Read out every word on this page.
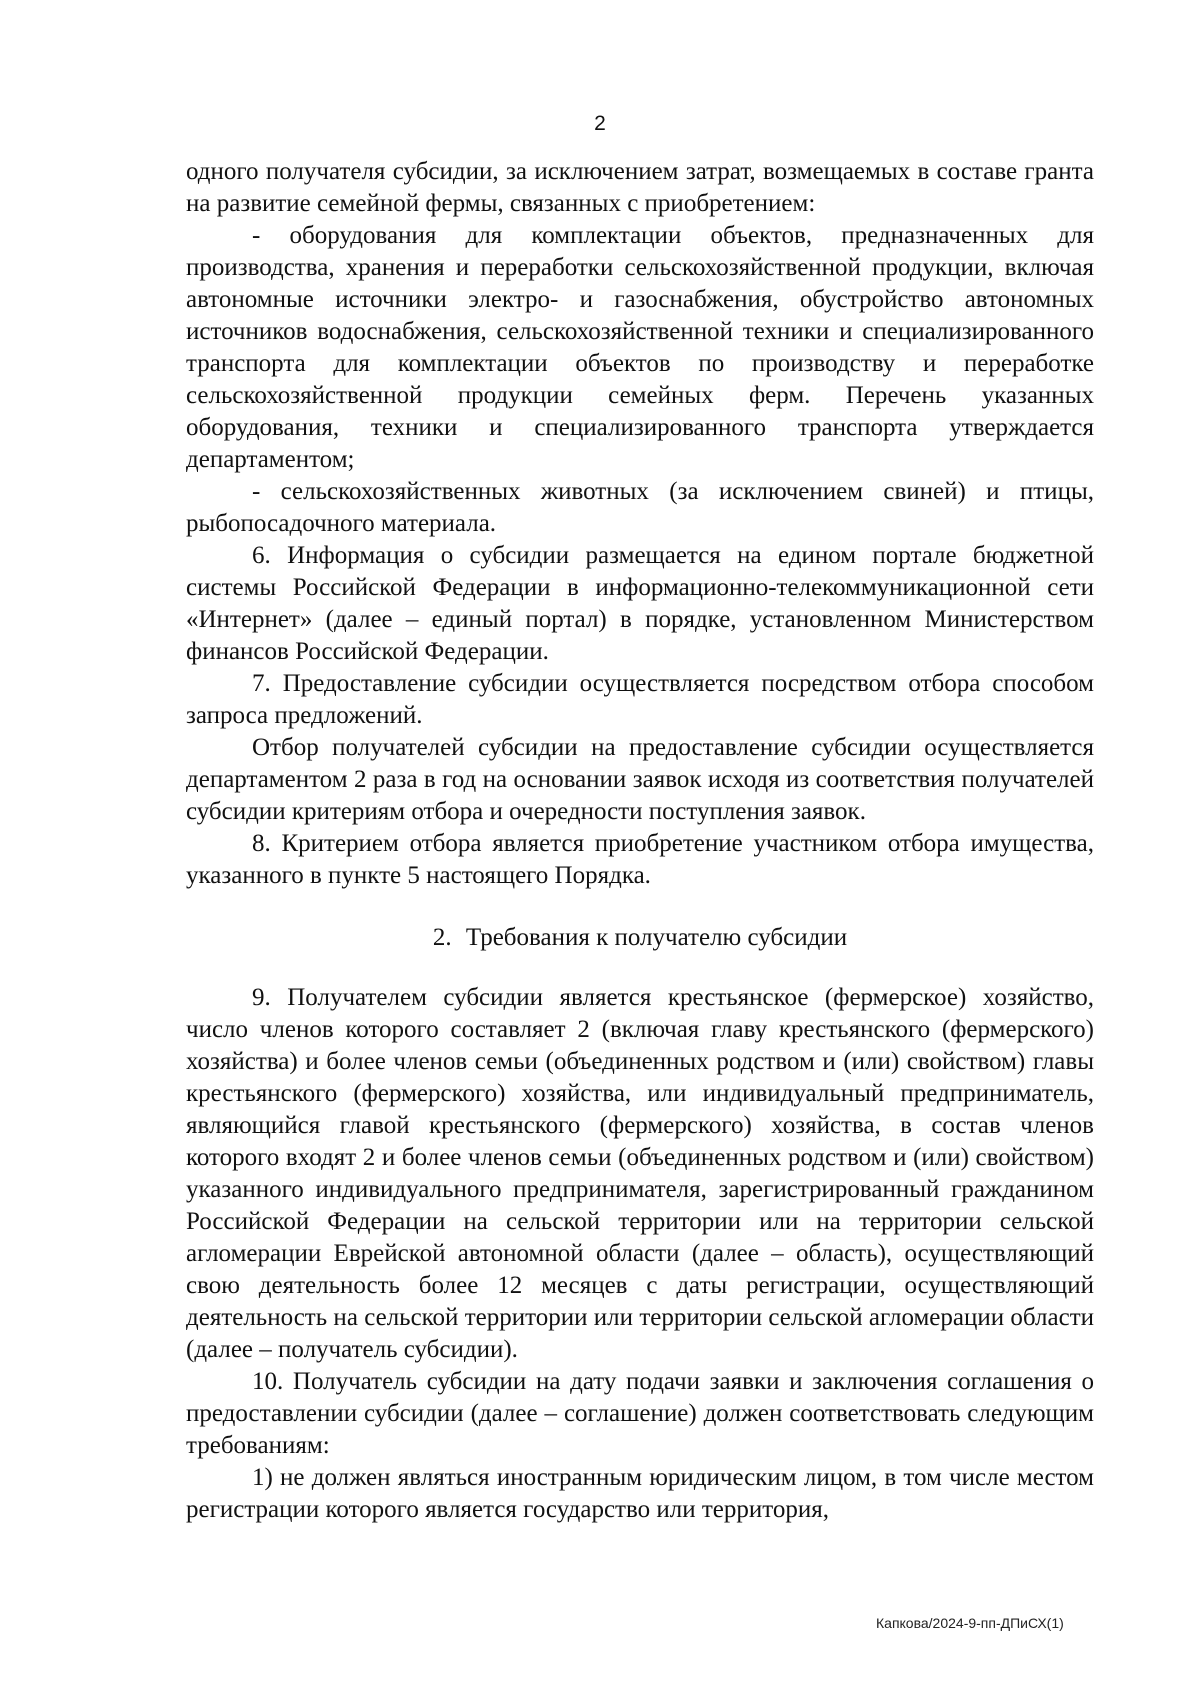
2

одного получателя субсидии, за исключением затрат, возмещаемых в составе гранта на развитие семейной фермы, связанных с приобретением:

- оборудования для комплектации объектов, предназначенных для производства, хранения и переработки сельскохозяйственной продукции, включая автономные источники электро- и газоснабжения, обустройство автономных источников водоснабжения, сельскохозяйственной техники и специализированного транспорта для комплектации объектов по производству и переработке сельскохозяйственной продукции семейных ферм. Перечень указанных оборудования, техники и специализированного транспорта утверждается департаментом;

- сельскохозяйственных животных (за исключением свиней) и птицы, рыбопосадочного материала.

6. Информация о субсидии размещается на едином портале бюджетной системы Российской Федерации в информационно-телекоммуникационной сети «Интернет» (далее – единый портал) в порядке, установленном Министерством финансов Российской Федерации.

7. Предоставление субсидии осуществляется посредством отбора способом запроса предложений.

Отбор получателей субсидии на предоставление субсидии осуществляется департаментом 2 раза в год на основании заявок исходя из соответствия получателей субсидии критериям отбора и очередности поступления заявок.

8. Критерием отбора является приобретение участником отбора имущества, указанного в пункте 5 настоящего Порядка.

2. Требования к получателю субсидии

9. Получателем субсидии является крестьянское (фермерское) хозяйство, число членов которого составляет 2 (включая главу крестьянского (фермерского) хозяйства) и более членов семьи (объединенных родством и (или) свойством) главы крестьянского (фермерского) хозяйства, или индивидуальный предприниматель, являющийся главой крестьянского (фермерского) хозяйства, в состав членов которого входят 2 и более членов семьи (объединенных родством и (или) свойством) указанного индивидуального предпринимателя, зарегистрированный гражданином Российской Федерации на сельской территории или на территории сельской агломерации Еврейской автономной области (далее – область), осуществляющий свою деятельность более 12 месяцев с даты регистрации, осуществляющий деятельность на сельской территории или территории сельской агломерации области (далее – получатель субсидии).

10. Получатель субсидии на дату подачи заявки и заключения соглашения о предоставлении субсидии (далее – соглашение) должен соответствовать следующим требованиям:

1) не должен являться иностранным юридическим лицом, в том числе местом регистрации которого является государство или территория,

Капкова/2024-9-пп-ДПиСХ(1)
